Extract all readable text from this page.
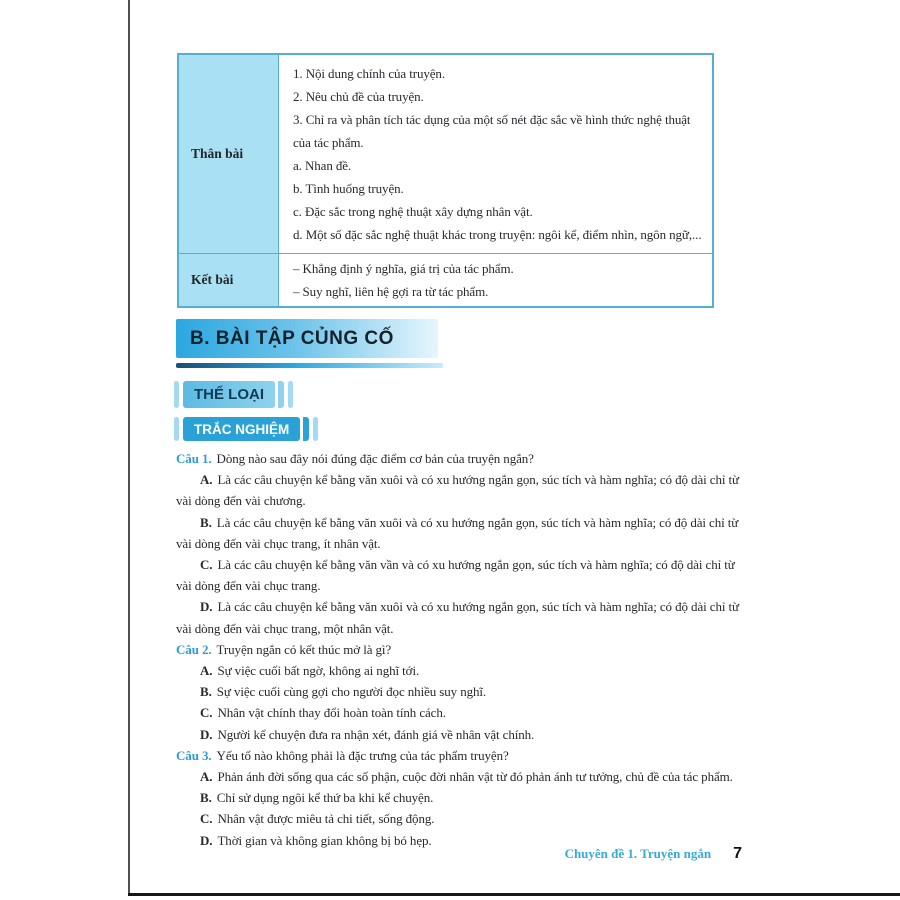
Thân bài

1. Nội dung chính của truyện.

2. Nêu chủ đề của truyện.

3. Chỉ ra và phân tích tác dụng của một số nét đặc sắc về hình thức nghệ thuật của tác phẩm.

a. Nhan đề.

b. Tình huống truyện.

c. Đặc sắc trong nghệ thuật xây dựng nhân vật.

d. Một số đặc sắc nghệ thuật khác trong truyện: ngôi kể, điểm nhìn, ngôn ngữ,...

Kết bài

– Khẳng định ý nghĩa, giá trị của tác phẩm.

– Suy nghĩ, liên hệ gợi ra từ tác phẩm.

B. BÀI TẬP CỦNG CỐ
THỂ LOẠI
TRẮC NGHIỆM

Câu 1. Dòng nào sau đây nói đúng đặc điểm cơ bản của truyện ngắn?

A. Là các câu chuyện kể bằng văn xuôi và có xu hướng ngắn gọn, súc tích và hàm nghĩa; có độ dài chỉ từ vài dòng đến vài chương.

B. Là các câu chuyện kể bằng văn xuôi và có xu hướng ngắn gọn, súc tích và hàm nghĩa; có độ dài chỉ từ vài dòng đến vài chục trang, ít nhân vật.

C. Là các câu chuyện kể bằng văn vần và có xu hướng ngắn gọn, súc tích và hàm nghĩa; có độ dài chỉ từ vài dòng đến vài chục trang.

D. Là các câu chuyện kể bằng văn xuôi và có xu hướng ngắn gọn, súc tích và hàm nghĩa; có độ dài chỉ từ vài dòng đến vài chục trang, một nhân vật.

Câu 2. Truyện ngắn có kết thúc mở là gì?

A. Sự việc cuối bất ngờ, không ai nghĩ tới.

B. Sự việc cuối cùng gợi cho người đọc nhiều suy nghĩ.

C. Nhân vật chính thay đổi hoàn toàn tính cách.

D. Người kể chuyện đưa ra nhận xét, đánh giá về nhân vật chính.

Câu 3. Yếu tố nào không phải là đặc trưng của tác phẩm truyện?

A. Phản ánh đời sống qua các số phận, cuộc đời nhân vật từ đó phản ánh tư tưởng, chủ đề của tác phẩm.

B. Chỉ sử dụng ngôi kể thứ ba khi kể chuyện.

C. Nhân vật được miêu tả chi tiết, sống động.

D. Thời gian và không gian không bị bó hẹp.

Chuyên đề 1. Truyện ngắn 7
